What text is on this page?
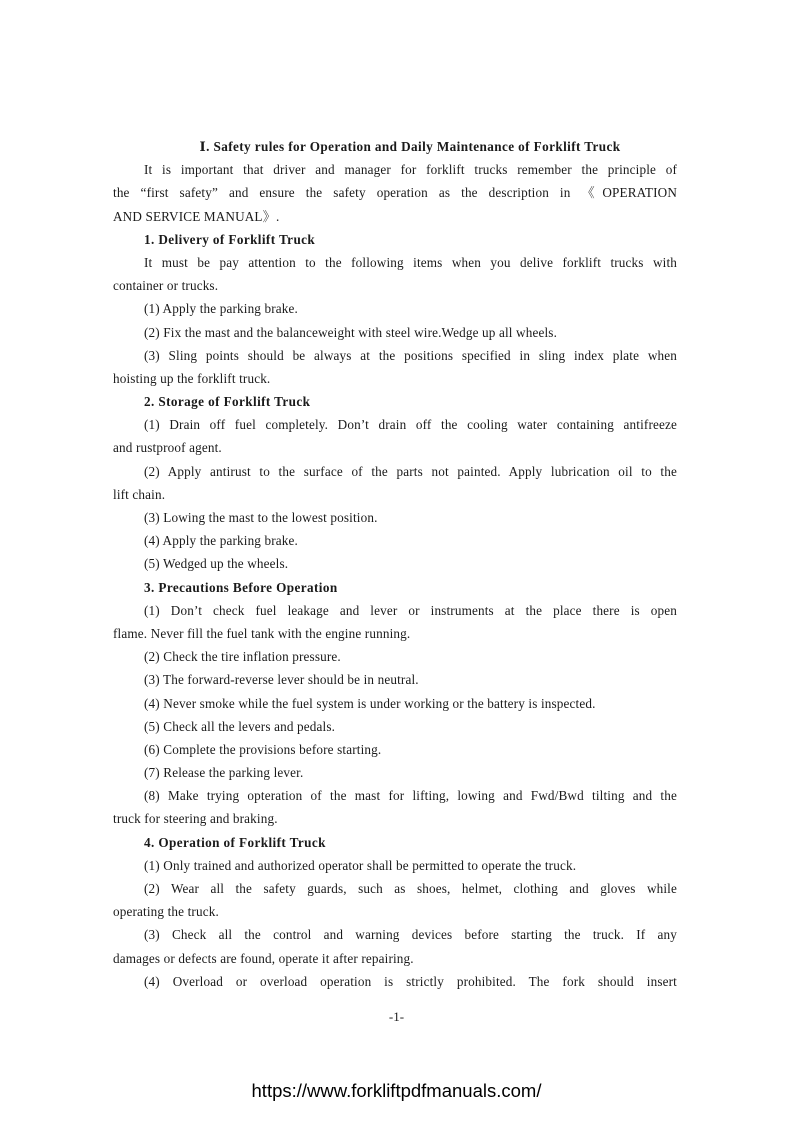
Ⅰ. Safety rules for Operation and Daily Maintenance of Forklift Truck
It is important that driver and manager for forklift trucks remember the principle of
the “first safety” and ensure the safety operation as the description in 《OPERATION
AND SERVICE MANUAL》.
1. Delivery of Forklift Truck
It must be pay attention to the following items when you delive forklift trucks with
container or trucks.
(1) Apply the parking brake.
(2) Fix the mast and the balanceweight with steel wire.Wedge up all wheels.
(3) Sling points should be always at the positions specified in sling index plate when
hoisting up the forklift truck.
2. Storage of Forklift Truck
(1) Drain off fuel completely. Don’t drain off the cooling water containing antifreeze
and rustproof agent.
(2) Apply antirust to the surface of the parts not painted. Apply lubrication oil to the
lift chain.
(3) Lowing the mast to the lowest position.
(4) Apply the parking brake.
(5) Wedged up the wheels.
3. Precautions Before Operation
(1) Don’t check fuel leakage and lever or instruments at the place there is open
flame. Never fill the fuel tank with the engine running.
(2) Check the tire inflation pressure.
(3) The forward-reverse lever should be in neutral.
(4) Never smoke while the fuel system is under working or the battery is inspected.
(5) Check all the levers and pedals.
(6) Complete the provisions before starting.
(7) Release the parking lever.
(8) Make trying opteration of the mast for lifting, lowing and Fwd/Bwd tilting and the
truck for steering and braking.
4. Operation of Forklift Truck
(1) Only trained and authorized operator shall be permitted to operate the truck.
(2) Wear all the safety guards, such as shoes, helmet, clothing and gloves while
operating the truck.
(3) Check all the control and warning devices before starting the truck. If any
damages or defects are found, operate it after repairing.
(4) Overload or overload operation is strictly prohibited. The fork should insert
-1-
https://www.forkliftpdfmanuals.com/
